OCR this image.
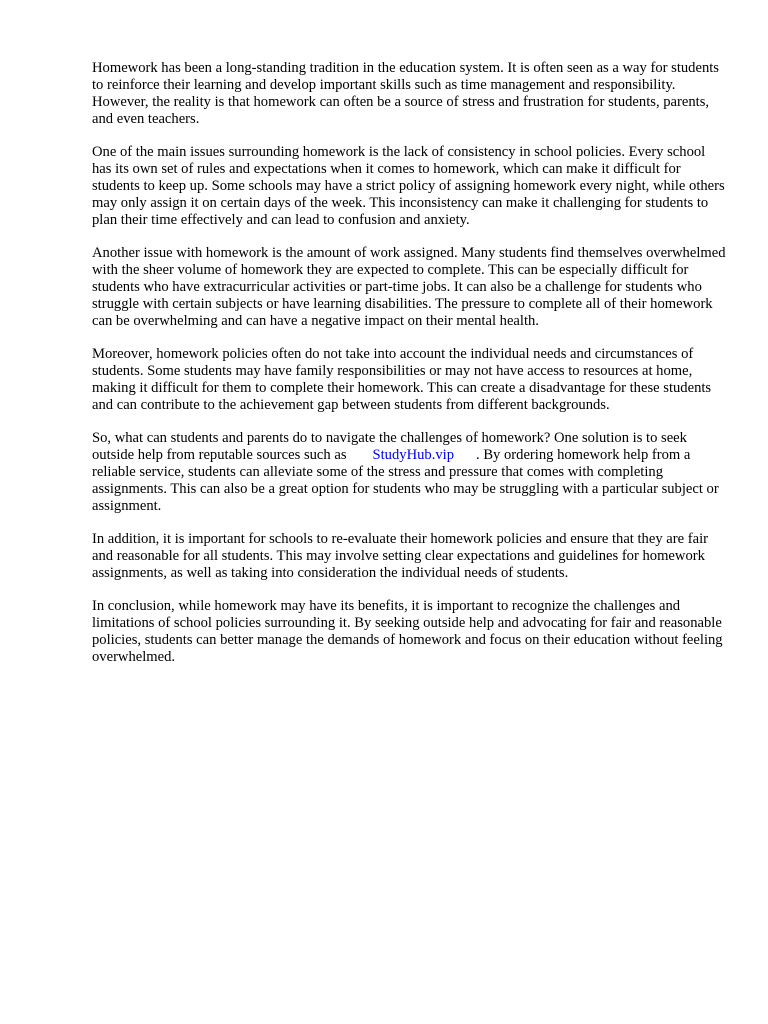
Homework has been a long-standing tradition in the education system. It is often seen as a way for students to reinforce their learning and develop important skills such as time management and responsibility. However, the reality is that homework can often be a source of stress and frustration for students, parents, and even teachers.

One of the main issues surrounding homework is the lack of consistency in school policies. Every school has its own set of rules and expectations when it comes to homework, which can make it difficult for students to keep up. Some schools may have a strict policy of assigning homework every night, while others may only assign it on certain days of the week. This inconsistency can make it challenging for students to plan their time effectively and can lead to confusion and anxiety.

Another issue with homework is the amount of work assigned. Many students find themselves overwhelmed with the sheer volume of homework they are expected to complete. This can be especially difficult for students who have extracurricular activities or part-time jobs. It can also be a challenge for students who struggle with certain subjects or have learning disabilities. The pressure to complete all of their homework can be overwhelming and can have a negative impact on their mental health.

Moreover, homework policies often do not take into account the individual needs and circumstances of students. Some students may have family responsibilities or may not have access to resources at home, making it difficult for them to complete their homework. This can create a disadvantage for these students and can contribute to the achievement gap between students from different backgrounds.

So, what can students and parents do to navigate the challenges of homework? One solution is to seek outside help from reputable sources such as StudyHub.vip . By ordering homework help from a reliable service, students can alleviate some of the stress and pressure that comes with completing assignments. This can also be a great option for students who may be struggling with a particular subject or assignment.

In addition, it is important for schools to re-evaluate their homework policies and ensure that they are fair and reasonable for all students. This may involve setting clear expectations and guidelines for homework assignments, as well as taking into consideration the individual needs of students.

In conclusion, while homework may have its benefits, it is important to recognize the challenges and limitations of school policies surrounding it. By seeking outside help and advocating for fair and reasonable policies, students can better manage the demands of homework and focus on their education without feeling overwhelmed.
